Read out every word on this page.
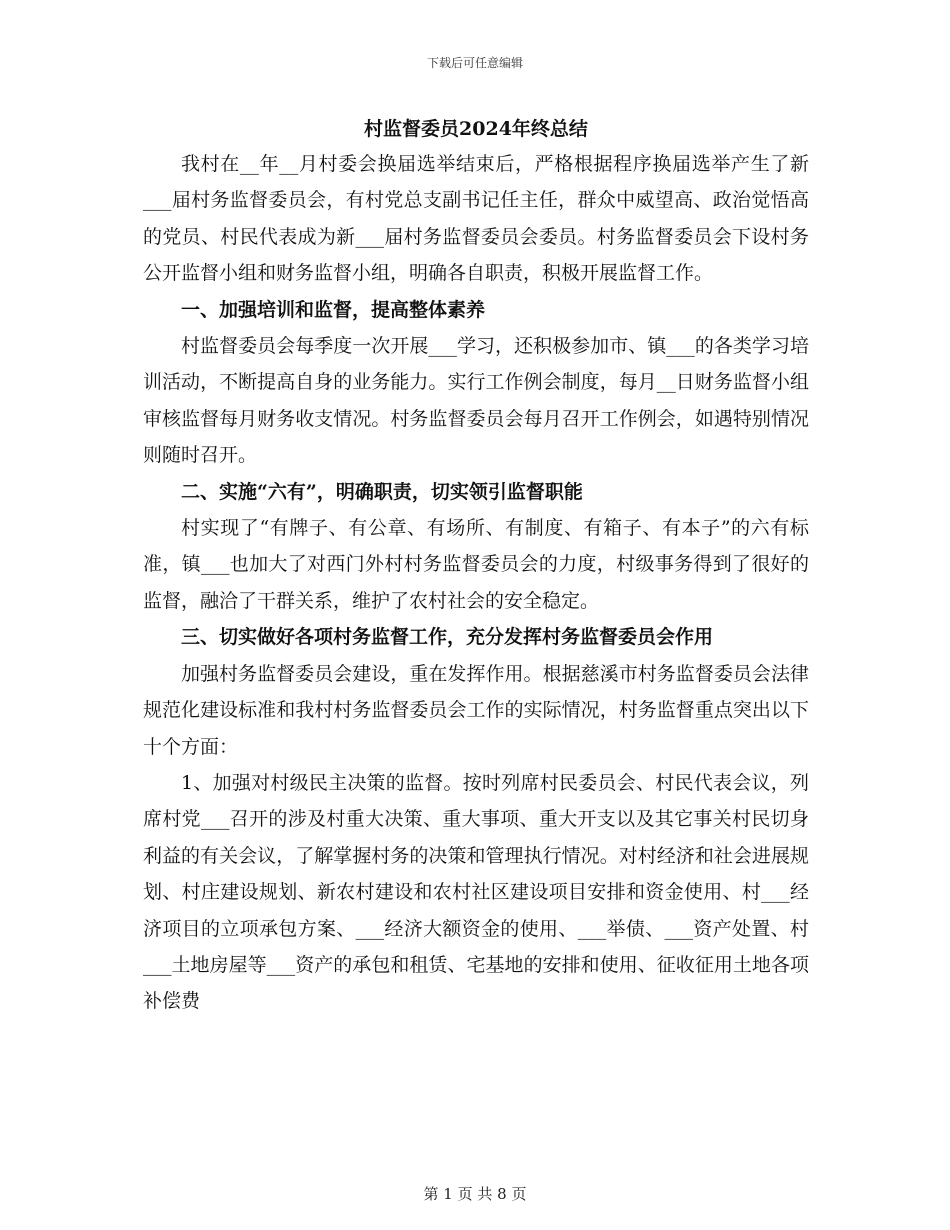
下载后可任意编辑
村监督委员2024年终总结

我村在__年__月村委会换届选举结束后，严格根据程序换届选举产生了新___届村务监督委员会，有村党总支副书记任主任，群众中威望高、政治觉悟高的党员、村民代表成为新___届村务监督委员会委员。村务监督委员会下设村务公开监督小组和财务监督小组，明确各自职责，积极开展监督工作。

一、加强培训和监督，提高整体素养

村监督委员会每季度一次开展___学习，还积极参加市、镇___的各类学习培训活动，不断提高自身的业务能力。实行工作例会制度，每月__日财务监督小组审核监督每月财务收支情况。村务监督委员会每月召开工作例会，如遇特别情况则随时召开。

二、实施“六有”，明确职责，切实领引监督职能

村实现了“有牌子、有公章、有场所、有制度、有箱子、有本子”的六有标准，镇___也加大了对西门外村村务监督委员会的力度，村级事务得到了很好的监督，融洽了干群关系，维护了农村社会的安全稳定。

三、切实做好各项村务监督工作，充分发挥村务监督委员会作用

加强村务监督委员会建设，重在发挥作用。根据慈溪市村务监督委员会法律规范化建设标准和我村村务监督委员会工作的实际情况，村务监督重点突出以下十个方面：

1、加强对村级民主决策的监督。按时列席村民委员会、村民代表会议，列席村党___召开的涉及村重大决策、重大事项、重大开支以及其它事关村民切身利益的有关会议，了解掌握村务的决策和管理执行情况。对村经济和社会进展规划、村庄建设规划、新农村建设和农村社区建设项目安排和资金使用、村___经济项目的立项承包方案、___经济大额资金的使用、___举债、___资产处置、村___土地房屋等___资产的承包和租赁、宅基地的安排和使用、征收征用土地各项补偿费

第 1 页 共 8 页
